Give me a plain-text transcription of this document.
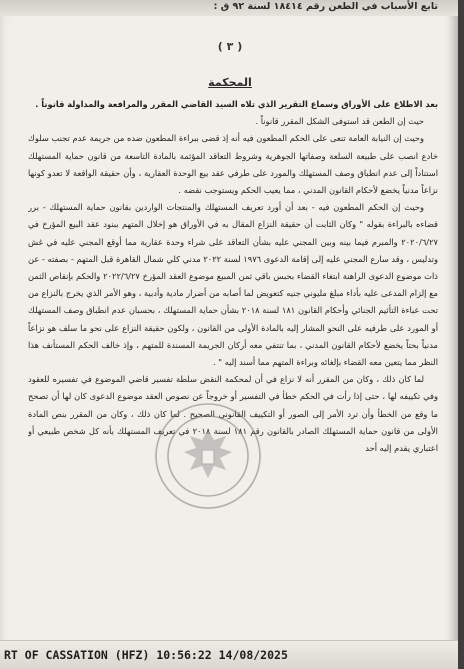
تابع الأسباب في الطعن رقم ١٨٤١٤ لسنة ٩٢ ق :
( ٣ )
المحكمة

بعد الاطلاع على الأوراق وسماع التقرير الذي تلاه السيد القاضي المقرر والمرافعة والمداولة قانوناً .

حيث إن الطعن قد استوفى الشكل المقرر قانوناً .

وحيث إن النيابة العامة تنعى على الحكم المطعون فيه أنه إذ قضى ببراءة المطعون ضده من جريمة عدم تجنب سلوك خادع انصب على طبيعة السلعة وصفاتها الجوهرية وشروط التعاقد المؤثمة بالمادة التاسعة من قانون حماية المستهلك استناداً إلى عدم انطباق وصف المستهلك والمورد على طرفي عقد بيع الوحدة العقارية ، وأن حقيقة الواقعة لا تعدو كونها نزاعاً مدنياً يخضع لأحكام القانون المدني ، مما يعيب الحكم ويستوجب نقضه .

وحيث إن الحكم المطعون فيه - بعد أن أورد تعريف المستهلك والمنتجات الواردين بقانون حماية المستهلك - برر قضاءه بالبراءة بقوله " وكان الثابت أن حقيقة النزاع المقال به في الأوراق هو إخلال المتهم ببنود عقد البيع المؤرخ في ٢٠٢٠/٦/٢٧ والمبرم فيما بينه وبين المجني عليه بشأن التعاقد على شراء وحدة عقارية مما أوقع المجني عليه في غش وتدليس ، وقد سارع المجني عليه إلى إقامة الدعوى ١٩٧٦ لسنة ٢٠٢٢ مدني كلي شمال القاهرة قبل المتهم - بصفته - عن ذات موضوع الدعوى الراهنة ابتغاء القضاء بحبس باقي ثمن المبيع موضوع العقد المؤرخ ٢٠٢٢/٦/٢٧ والحكم بإنقاص الثمن مع إلزام المدعى عليه بأداء مبلغ مليوني جنيه كتعويض لما أصابه من أضرار مادية وأدبية ، وهو الأمر الذي يخرج بالنزاع من تحت عباءة التأثيم الجنائي وأحكام القانون ١٨١ لسنة ٢٠١٨ بشأن حماية المستهلك ، بحسبان عدم انطباق وصف المستهلك أو المورد على طرفيه على النحو المشار إليه بالمادة الأولى من القانون ، ولكون حقيقة النزاع على نحو ما سلف هو نزاعاً مدنياً بحتاً يخضع لأحكام القانون المدني ، بما تنتفي معه أركان الجريمة المسندة للمتهم ، وإذ خالف الحكم المستأنف هذا النظر مما يتعين معه القضاء بإلغائه وبراءة المتهم مما أسند إليه " .

لما كان ذلك ، وكان من المقرر أنه لا نزاع في أن لمحكمة النقض سلطة تفسير قاضي الموضوع في تفسيره للعقود وفي تكييفه لها ، حتى إذا رأت في الحكم خطأ في التفسير أو خروجاً عن نصوص العقد موضوع الدعوى كان لها أن تصحح ما وقع من الخطأ وأن ترد الأمر إلى الصور أو التكييف القانوني الصحيح . لما كان ذلك ، وكان من المقرر بنص المادة الأولى من قانون حماية المستهلك الصادر بالقانون رقم ١٨١ لسنة ٢٠١٨ في تعريف المستهلك بأنه كل شخص طبيعي أو اعتباري يقدم إليه أحد

RT OF CASSATION (HFZ) 10:56:22 14/08/2025
